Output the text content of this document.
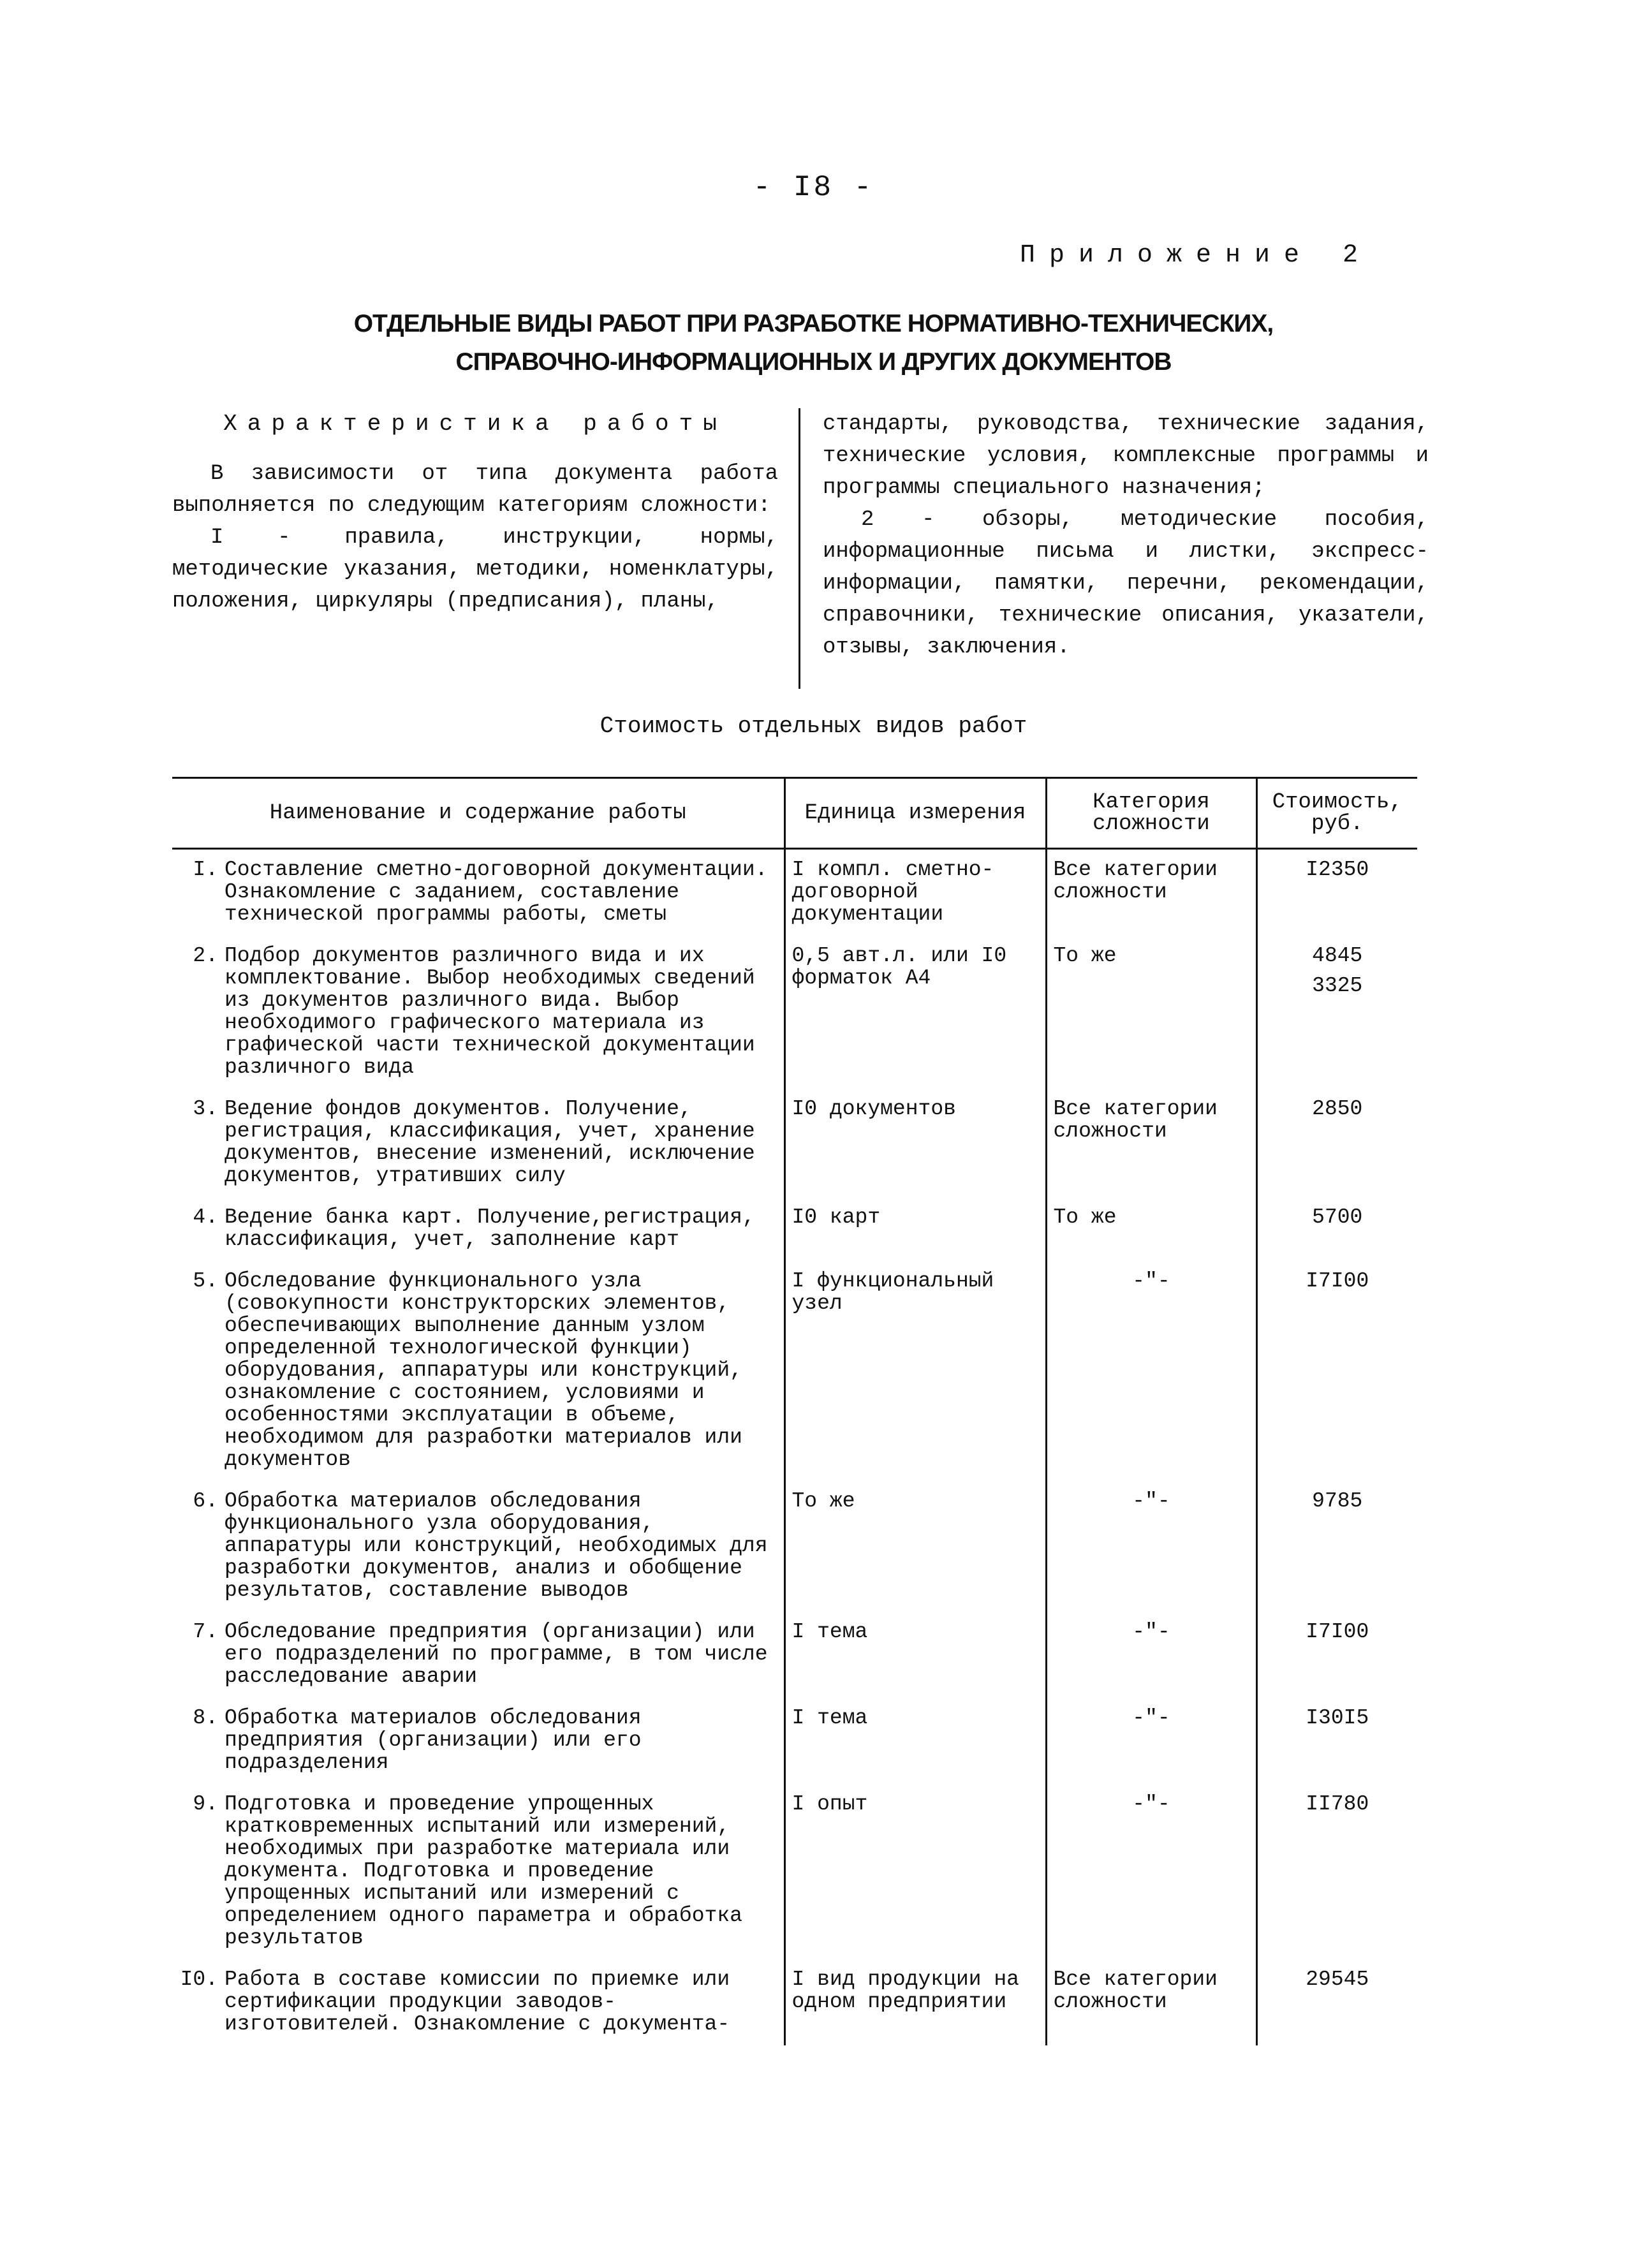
- I8 -
Приложение 2
ОТДЕЛЬНЫЕ ВИДЫ РАБОТ ПРИ РАЗРАБОТКЕ НОРМАТИВНО-ТЕХНИЧЕСКИХ,
СПРАВОЧНО-ИНФОРМАЦИОННЫХ И ДРУГИХ ДОКУМЕНТОВ
Характеристика работы

В зависимости от типа документа работа выполняется по следующим категориям сложности:

I - правила, инструкции, нормы, методические указания, методики, номенклатуры, положения, циркуляры (предписания), планы,

стандарты, руководства, технические задания, технические условия, комплексные программы и программы специального назначения;

2 - обзоры, методические пособия, информационные письма и листки, экспресс-информации, памятки, перечни, рекомендации, справочники, технические описания, указатели, отзывы, заключения.

Стоимость отдельных видов работ
Наименование и содержание работы	Единица измерения	Категория сложности	Стоимость, руб.

I. Составление сметно-договорной документации. Ознакомление с заданием, составление технической программы работы, сметы	I компл. сметно-договорной документации	Все категории сложности	I2350

2. Подбор документов различного вида и их комплектование. Выбор необходимых сведений из документов различного вида. Выбор необходимого графического материала из графической части технической документации различного вида	0,5 авт.л. или I0 форматок А4	То же	4845
3325

3. Ведение фондов документов. Получение, регистрация, классификация, учет, хранение документов, внесение изменений, исключение документов, утративших силу	I0 документов	Все категории сложности	2850

4. Ведение банка карт. Получение,регистрация, классификация, учет, заполнение карт	I0 карт	То же	5700

5. Обследование функционального узла (совокупности конструкторских элементов, обеспечивающих выполнение данным узлом определенной технологической функции) оборудования, аппаратуры или конструкций, ознакомление с состоянием, условиями и особенностями эксплуатации в объеме, необходимом для разработки материалов или документов	I функциональный узел	-"-	I7I00

6. Обработка материалов обследования функционального узла оборудования, аппаратуры или конструкций, необходимых для разработки документов, анализ и обобщение результатов, составление выводов	То же	-"-	9785

7. Обследование предприятия (организации) или его подразделений по программе, в том числе расследование аварии	I тема	-"-	I7I00

8. Обработка материалов обследования предприятия (организации) или его подразделения	I тема	-"-	I30I5

9. Подготовка и проведение упрощенных кратковременных испытаний или измерений, необходимых при разработке материала или документа. Подготовка и проведение упрощенных испытаний или измерений с определением одного параметра и обработка результатов	I опыт	-"-	II780

I0. Работа в составе комиссии по приемке или сертификации продукции заводов-изготовителей. Ознакомление с документа-	I вид продукции на одном предприятии	Все категории сложности	29545
